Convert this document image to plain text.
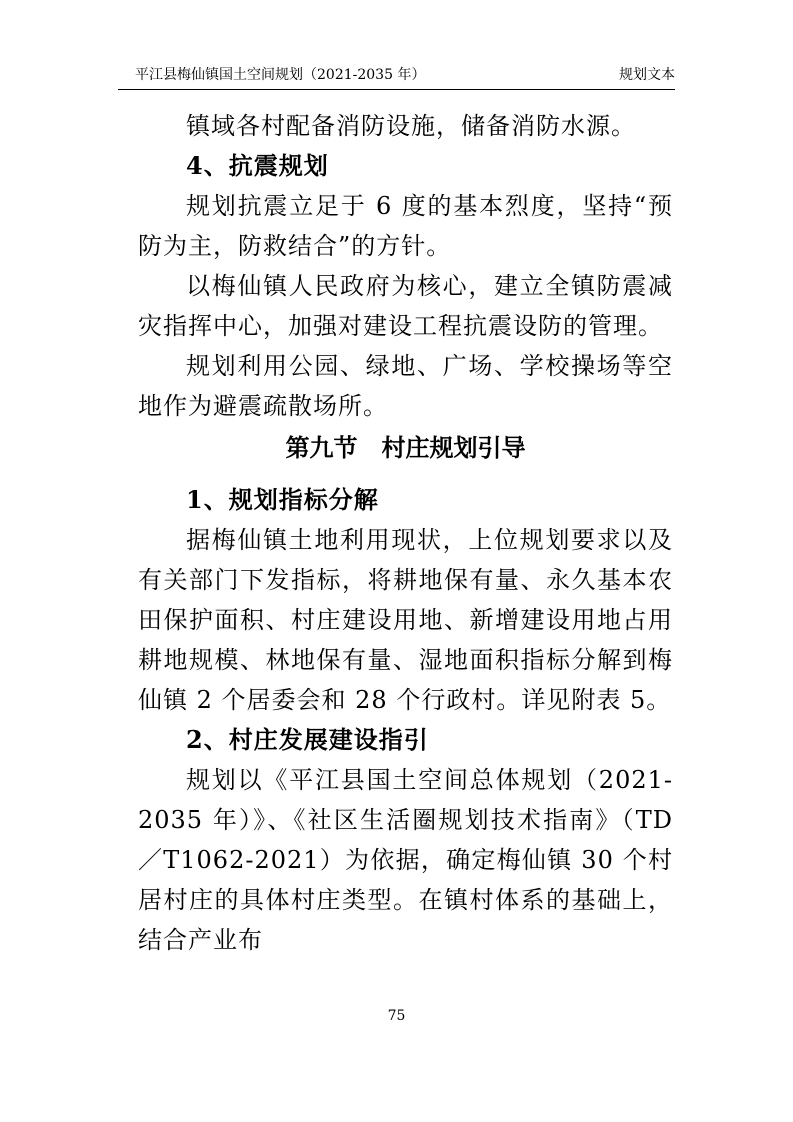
平江县梅仙镇国土空间规划（2021-2035 年）	规划文本

镇域各村配备消防设施，储备消防水源。

4、抗震规划

规划抗震立足于 6 度的基本烈度，坚持“预防为主，防救结合”的方针。

以梅仙镇人民政府为核心，建立全镇防震减灾指挥中心，加强对建设工程抗震设防的管理。

规划利用公园、绿地、广场、学校操场等空地作为避震疏散场所。

第九节　村庄规划引导

1、规划指标分解

据梅仙镇土地利用现状，上位规划要求以及有关部门下发指标，将耕地保有量、永久基本农田保护面积、村庄建设用地、新增建设用地占用耕地规模、林地保有量、湿地面积指标分解到梅仙镇 2 个居委会和 28 个行政村。详见附表 5。

2、村庄发展建设指引

规划以《平江县国土空间总体规划（2021-2035 年）》、《社区生活圈规划技术指南》（TD／T1062-2021）为依据，确定梅仙镇 30 个村居村庄的具体村庄类型。在镇村体系的基础上，结合产业布

75
